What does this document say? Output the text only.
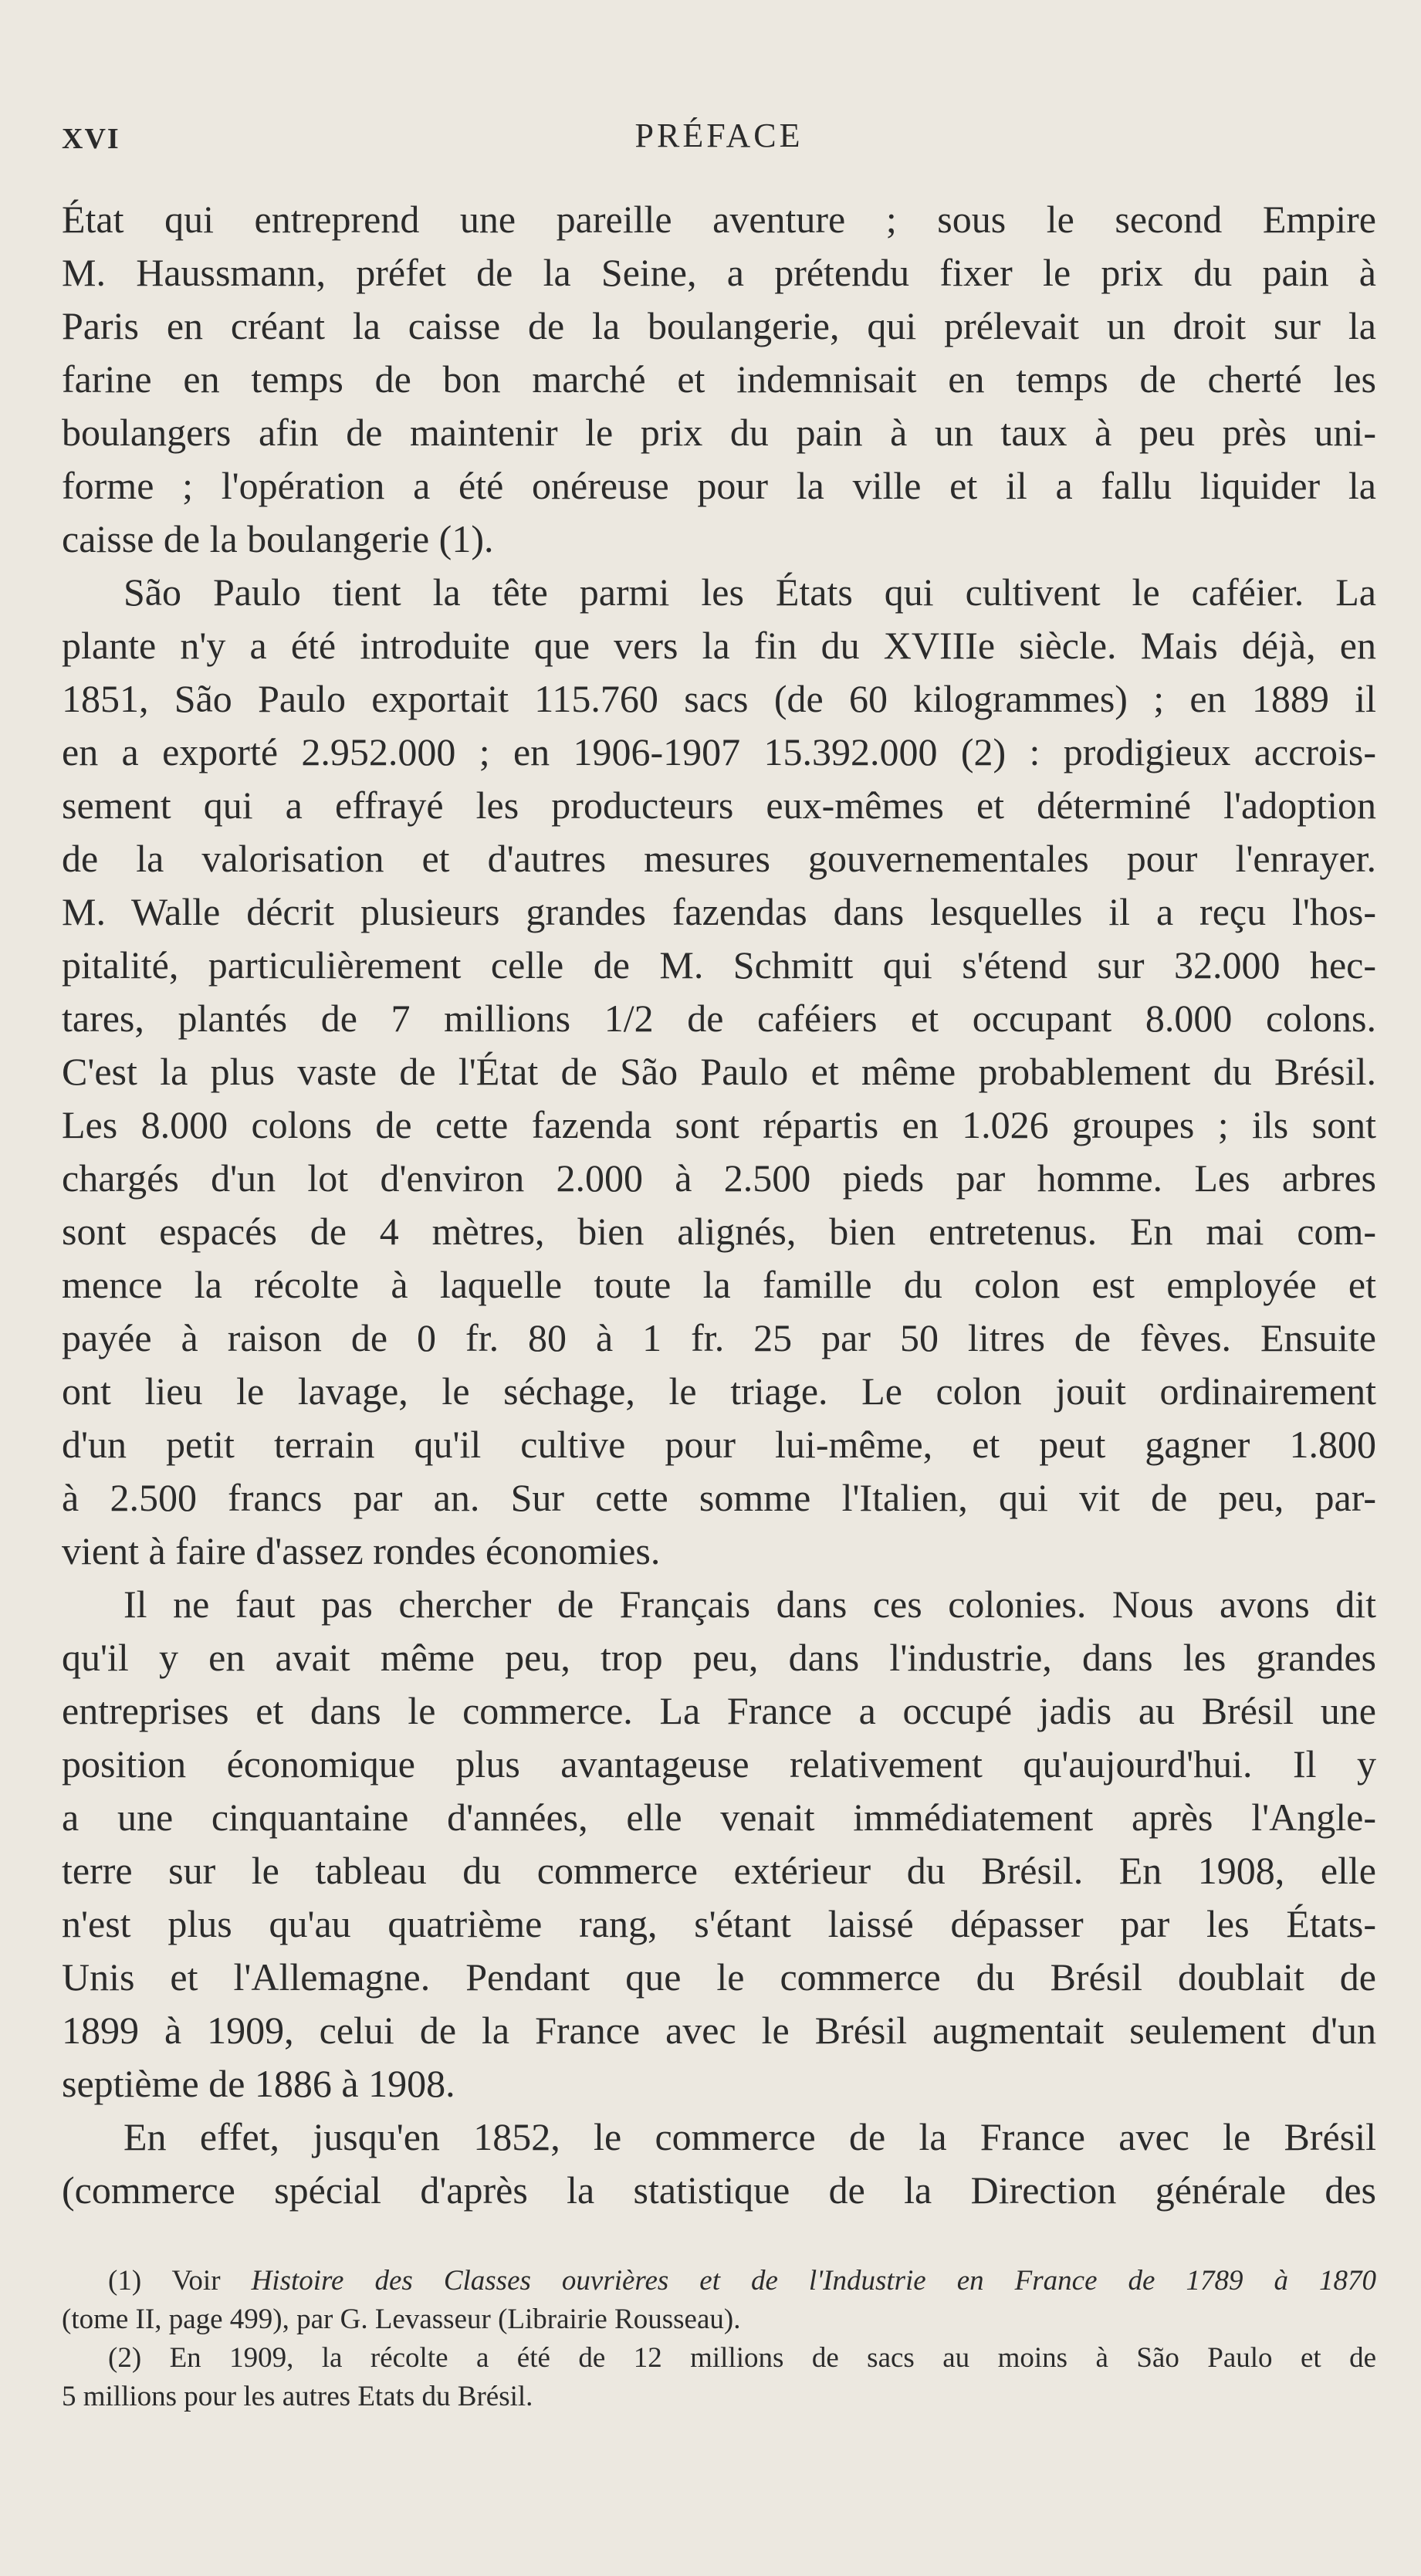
XVI	PRÉFACE

État qui entreprend une pareille aventure ; sous le second Empire

M. Haussmann, préfet de la Seine, a prétendu fixer le prix du pain à

Paris en créant la caisse de la boulangerie, qui prélevait un droit sur la

farine en temps de bon marché et indemnisait en temps de cherté les

boulangers afin de maintenir le prix du pain à un taux à peu près uni-

forme ; l'opération a été onéreuse pour la ville et il a fallu liquider la

caisse de la boulangerie (1).

São Paulo tient la tête parmi les États qui cultivent le caféier. La

plante n'y a été introduite que vers la fin du XVIIIe siècle. Mais déjà, en

1851, São Paulo exportait 115.760 sacs (de 60 kilogrammes) ; en 1889 il

en a exporté 2.952.000 ; en 1906-1907 15.392.000 (2) : prodigieux accrois-

sement qui a effrayé les producteurs eux-mêmes et déterminé l'adoption

de la valorisation et d'autres mesures gouvernementales pour l'enrayer.

M. Walle décrit plusieurs grandes fazendas dans lesquelles il a reçu l'hos-

pitalité, particulièrement celle de M. Schmitt qui s'étend sur 32.000 hec-

tares, plantés de 7 millions 1/2 de caféiers et occupant 8.000 colons.

C'est la plus vaste de l'État de São Paulo et même probablement du Brésil.

Les 8.000 colons de cette fazenda sont répartis en 1.026 groupes ; ils sont

chargés d'un lot d'environ 2.000 à 2.500 pieds par homme. Les arbres

sont espacés de 4 mètres, bien alignés, bien entretenus. En mai com-

mence la récolte à laquelle toute la famille du colon est employée et

payée à raison de 0 fr. 80 à 1 fr. 25 par 50 litres de fèves. Ensuite

ont lieu le lavage, le séchage, le triage. Le colon jouit ordinairement

d'un petit terrain qu'il cultive pour lui-même, et peut gagner 1.800

à 2.500 francs par an. Sur cette somme l'Italien, qui vit de peu, par-

vient à faire d'assez rondes économies.

Il ne faut pas chercher de Français dans ces colonies. Nous avons dit

qu'il y en avait même peu, trop peu, dans l'industrie, dans les grandes

entreprises et dans le commerce. La France a occupé jadis au Brésil une

position économique plus avantageuse relativement qu'aujourd'hui. Il y

a une cinquantaine d'années, elle venait immédiatement après l'Angle-

terre sur le tableau du commerce extérieur du Brésil. En 1908, elle

n'est plus qu'au quatrième rang, s'étant laissé dépasser par les États-

Unis et l'Allemagne. Pendant que le commerce du Brésil doublait de

1899 à 1909, celui de la France avec le Brésil augmentait seulement d'un

septième de 1886 à 1908.

En effet, jusqu'en 1852, le commerce de la France avec le Brésil

(commerce spécial d'après la statistique de la Direction générale des

(1) Voir Histoire des Classes ouvrières et de l'Industrie en France de 1789 à 1870

(tome II, page 499), par G. Levasseur (Librairie Rousseau).

(2) En 1909, la récolte a été de 12 millions de sacs au moins à São Paulo et de

5 millions pour les autres Etats du Brésil.
